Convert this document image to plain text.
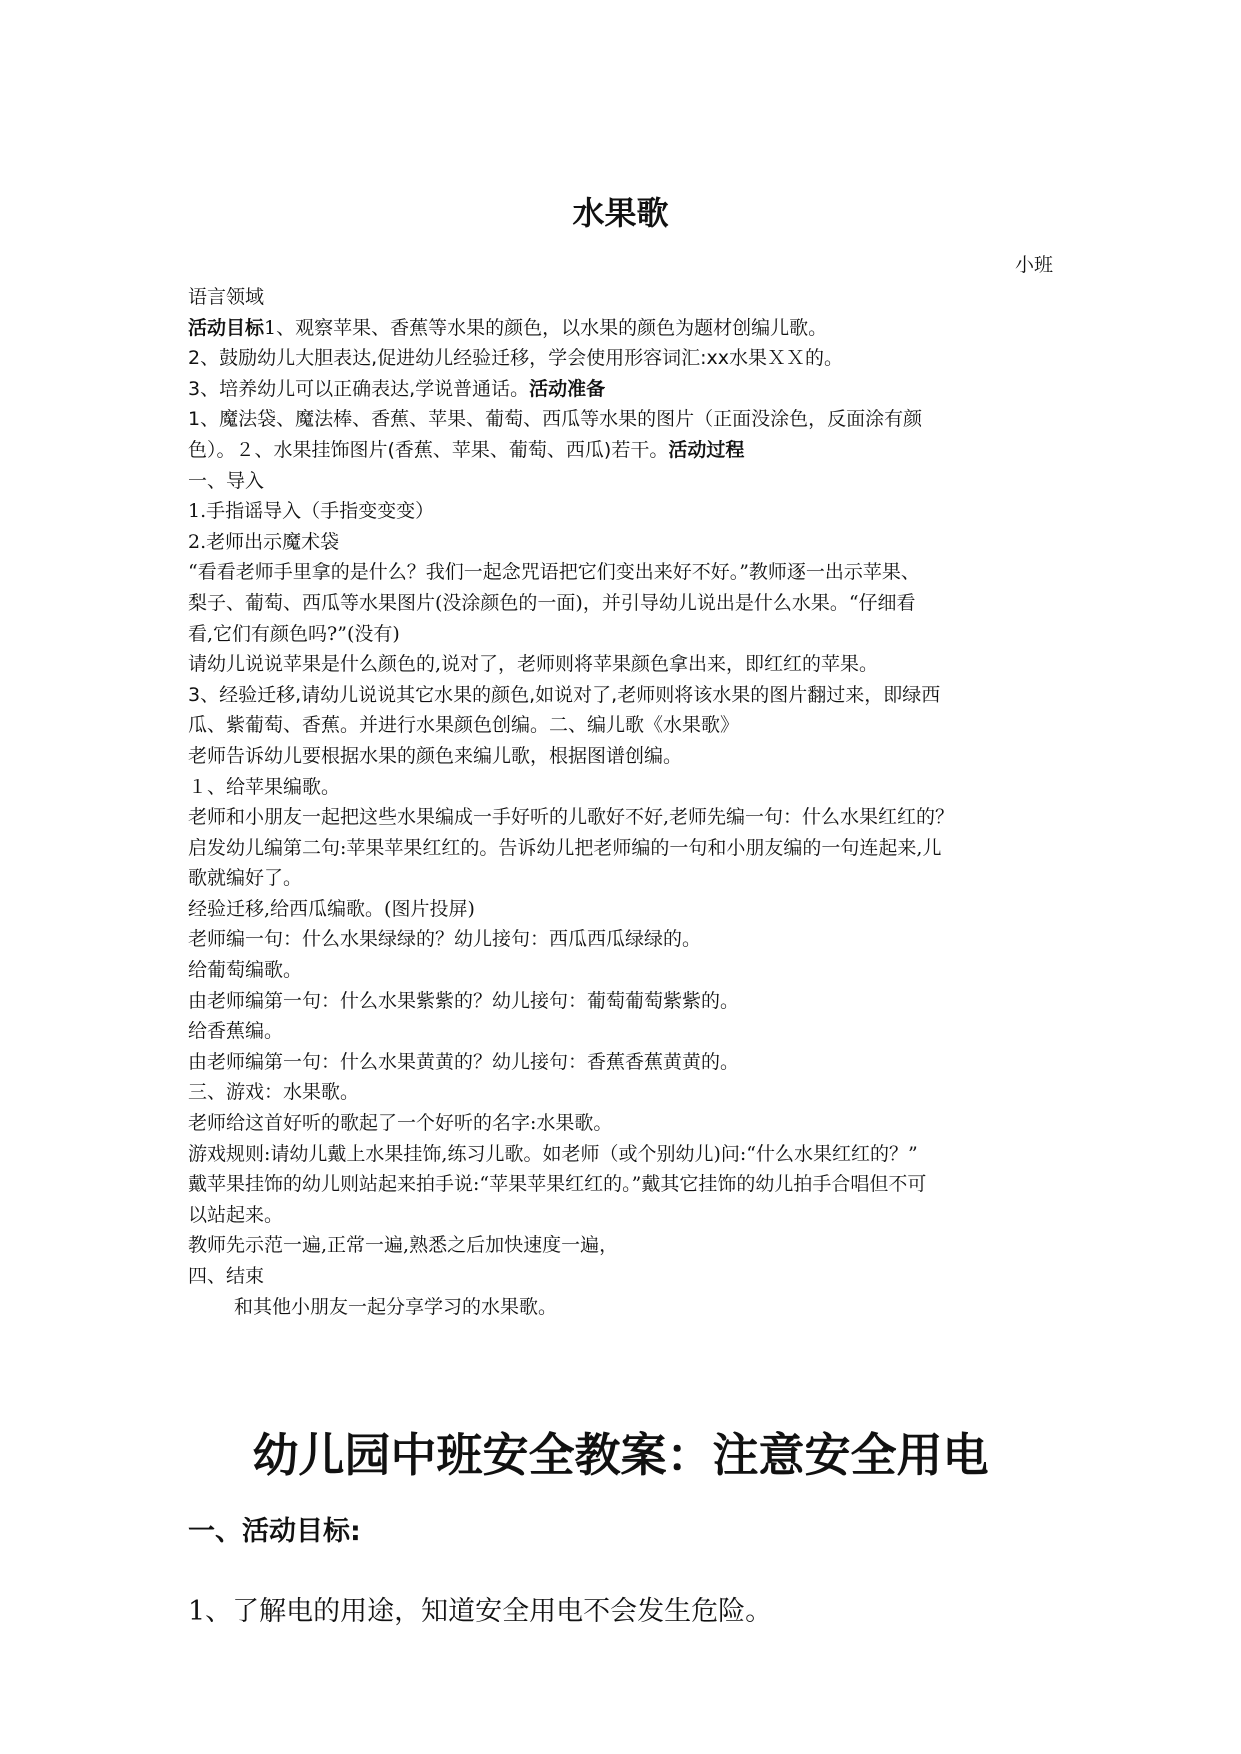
水果歌
小班

语言领域

活动目标1、观察苹果、香蕉等水果的颜色，以水果的颜色为题材创编儿歌。

2、鼓励幼儿大胆表达,促进幼儿经验迁移，学会使用形容词汇:xx水果ＸＸ的。

3、培养幼儿可以正确表达,学说普通话。活动准备

1、魔法袋、魔法棒、香蕉、苹果、葡萄、西瓜等水果的图片（正面没涂色，反面涂有颜

色）。２、水果挂饰图片(香蕉、苹果、葡萄、西瓜)若干。活动过程

一、导入

1.手指谣导入（手指变变变）

2.老师出示魔术袋

“看看老师手里拿的是什么？我们一起念咒语把它们变出来好不好。”教师逐一出示苹果、

梨子、葡萄、西瓜等水果图片(没涂颜色的一面)，并引导幼儿说出是什么水果。“仔细看

看,它们有颜色吗?”(没有)

请幼儿说说苹果是什么颜色的,说对了，老师则将苹果颜色拿出来，即红红的苹果。

3、经验迁移,请幼儿说说其它水果的颜色,如说对了,老师则将该水果的图片翻过来，即绿西

瓜、紫葡萄、香蕉。并进行水果颜色创编。二、编儿歌《水果歌》

老师告诉幼儿要根据水果的颜色来编儿歌，根据图谱创编。

１、给苹果编歌。

老师和小朋友一起把这些水果编成一手好听的儿歌好不好,老师先编一句：什么水果红红的？

启发幼儿编第二句:苹果苹果红红的。告诉幼儿把老师编的一句和小朋友编的一句连起来,儿

歌就编好了。

经验迁移,给西瓜编歌。(图片投屏)

老师编一句：什么水果绿绿的？幼儿接句：西瓜西瓜绿绿的。

给葡萄编歌。

由老师编第一句：什么水果紫紫的？幼儿接句：葡萄葡萄紫紫的。

给香蕉编。

由老师编第一句：什么水果黄黄的？幼儿接句：香蕉香蕉黄黄的。

三、游戏：水果歌。

老师给这首好听的歌起了一个好听的名字:水果歌。

游戏规则:请幼儿戴上水果挂饰,练习儿歌。如老师（或个别幼儿)问:“什么水果红红的？”

戴苹果挂饰的幼儿则站起来拍手说:“苹果苹果红红的。”戴其它挂饰的幼儿拍手合唱但不可

以站起来。

教师先示范一遍,正常一遍,熟悉之后加快速度一遍，

四、结束

和其他小朋友一起分享学习的水果歌。

幼儿园中班安全教案：注意安全用电
一、活动目标:

1、了解电的用途，知道安全用电不会发生危险。
